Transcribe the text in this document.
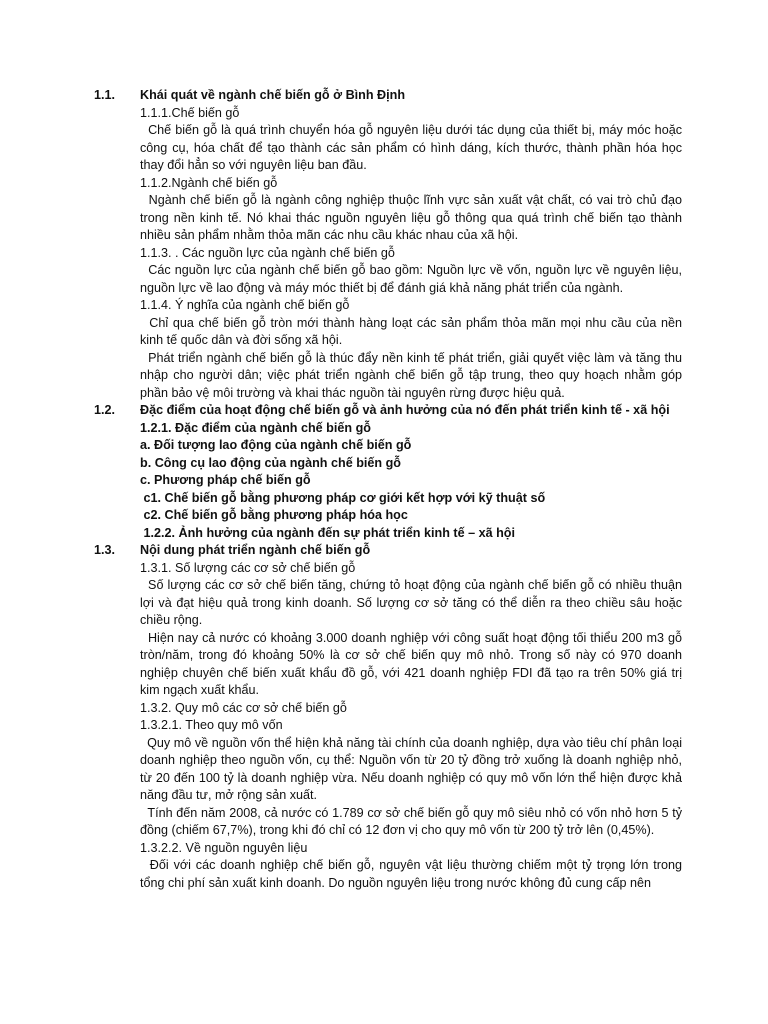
1.1.	Khái quát về ngành chế biến gỗ ở Bình Định
1.1.1.Chế biến gỗ
Chế biến gỗ là quá trình chuyển hóa gỗ nguyên liệu dưới tác dụng của thiết bị, máy móc hoặc công cụ, hóa chất để tạo thành các sản phẩm có hình dáng, kích thước, thành phần hóa học thay đổi hẳn so với nguyên liệu ban đầu.
1.1.2.Ngành chế biến gỗ
Ngành chế biến gỗ là ngành công nghiệp thuộc lĩnh vực sản xuất vật chất, có vai trò chủ đạo trong nền kinh tế. Nó khai thác nguồn nguyên liệu gỗ thông qua quá trình chế biến tạo thành nhiều sản phẩm nhằm thỏa mãn các nhu cầu khác nhau của xã hội.
1.1.3. . Các nguồn lực của ngành chế biến gỗ
Các nguồn lực của ngành chế biến gỗ bao gồm: Nguồn lực về vốn, nguồn lực về nguyên liệu, nguồn lực về lao động và máy móc thiết bị để đánh giá khả năng phát triển của ngành.
1.1.4. Ý nghĩa của ngành chế biến gỗ
Chỉ qua chế biến gỗ tròn mới thành hàng loạt các sản phẩm thỏa mãn mọi nhu cầu của nền kinh tế quốc dân và đời sống xã hội.
Phát triển ngành chế biến gỗ là thúc đẩy nền kinh tế phát triển, giải quyết việc làm và tăng thu nhập cho người dân; việc phát triển ngành chế biến gỗ tập trung, theo quy hoạch nhằm góp phần bảo vệ môi trường và khai thác nguồn tài nguyên rừng được hiệu quả.
1.2.	Đặc điểm của hoạt động chế biến gỗ và ảnh hưởng của nó đến phát triển kinh tế - xã hội
1.2.1. Đặc điểm của ngành chế biến gỗ
a. Đối tượng lao động của ngành chế biến gỗ
b. Công cụ lao động của ngành chế biến gỗ
c. Phương pháp chế biến gỗ
c1. Chế biến gỗ bằng phương pháp cơ giới kết hợp với kỹ thuật số
c2. Chế biến gỗ bằng phương pháp hóa học
1.2.2. Ảnh hưởng của ngành đến sự phát triển kinh tế – xã hội
1.3.	Nội dung phát triển ngành chế biến gỗ
1.3.1. Số lượng các cơ sở chế biến gỗ
Số lượng các cơ sở chế biến tăng, chứng tỏ hoạt động của ngành chế biến gỗ có nhiều thuận lợi và đạt hiệu quả trong kinh doanh. Số lượng cơ sở tăng có thể diễn ra theo chiều sâu hoặc chiều rộng.
Hiện nay cả nước có khoảng 3.000 doanh nghiệp với công suất hoạt động tối thiểu 200 m3 gỗ tròn/năm, trong đó khoảng 50% là cơ sở chế biến quy mô nhỏ. Trong số này có 970 doanh nghiệp chuyên chế biến xuất khẩu đồ gỗ, với 421 doanh nghiệp FDI đã tạo ra trên 50% giá trị kim ngạch xuất khẩu.
1.3.2. Quy mô các cơ sở chế biến gỗ
1.3.2.1. Theo quy mô vốn
Quy mô về nguồn vốn thể hiện khả năng tài chính của doanh nghiệp, dựa vào tiêu chí phân loại doanh nghiệp theo nguồn vốn, cụ thể: Nguồn vốn từ 20 tỷ đồng trở xuống là doanh nghiệp nhỏ, từ 20 đến 100 tỷ là doanh nghiệp vừa. Nếu doanh nghiệp có quy mô vốn lớn thể hiện được khả năng đầu tư, mở rộng sản xuất.
Tính đến năm 2008, cả nước có 1.789 cơ sở chế biến gỗ quy mô siêu nhỏ có vốn nhỏ hơn 5 tỷ đồng (chiếm 67,7%), trong khi đó chỉ có 12 đơn vị cho quy mô vốn từ 200 tỷ trở lên (0,45%).
1.3.2.2. Về nguồn nguyên liệu
Đối với các doanh nghiệp chế biến gỗ, nguyên vật liệu thường chiếm một tỷ trọng lớn trong tổng chi phí sản xuất kinh doanh. Do nguồn nguyên liệu trong nước không đủ cung cấp nên
